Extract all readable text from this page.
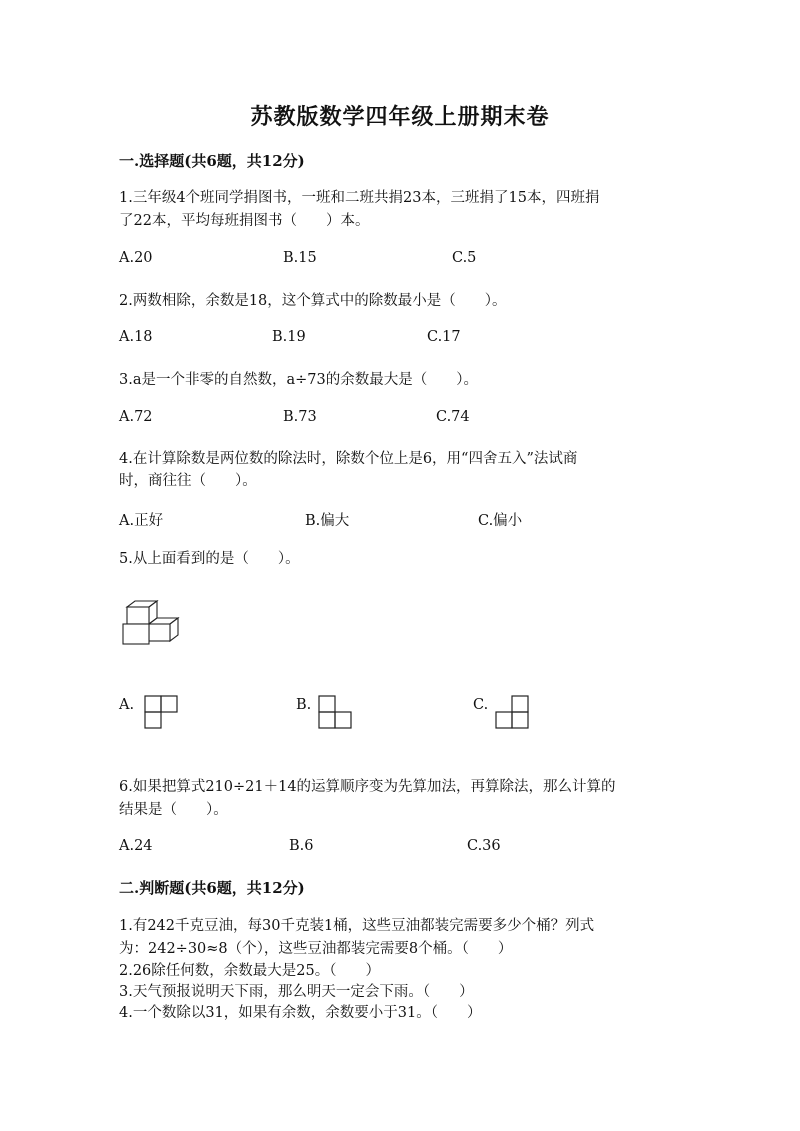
苏教版数学四年级上册期末卷
一.选择题(共6题，共12分)
1.三年级4个班同学捐图书，一班和二班共捐23本，三班捐了15本，四班捐
了22本，平均每班捐图书（　　）本。
A.20	B.15	C.5
2.两数相除，余数是18，这个算式中的除数最小是（　　）。
A.18	B.19	C.17
3.a是一个非零的自然数，a÷73的余数最大是（　　）。
A.72	B.73	C.74
4.在计算除数是两位数的除法时，除数个位上是6，用“四舍五入”法试商
时，商往往（　　）。
A.正好	B.偏大	C.偏小
5.从上面看到的是（　　）。
A.	B.	C.
6.如果把算式210÷21＋14的运算顺序变为先算加法，再算除法，那么计算的
结果是（　　）。
A.24	B.6	C.36
二.判断题(共6题，共12分)
1.有242千克豆油，每30千克装1桶，这些豆油都装完需要多少个桶？列式
为：242÷30≈8（个），这些豆油都装完需要8个桶。（　　）
2.26除任何数，余数最大是25。（　　）
3.天气预报说明天下雨，那么明天一定会下雨。（　　）
4.一个数除以31，如果有余数，余数要小于31。（　　）
